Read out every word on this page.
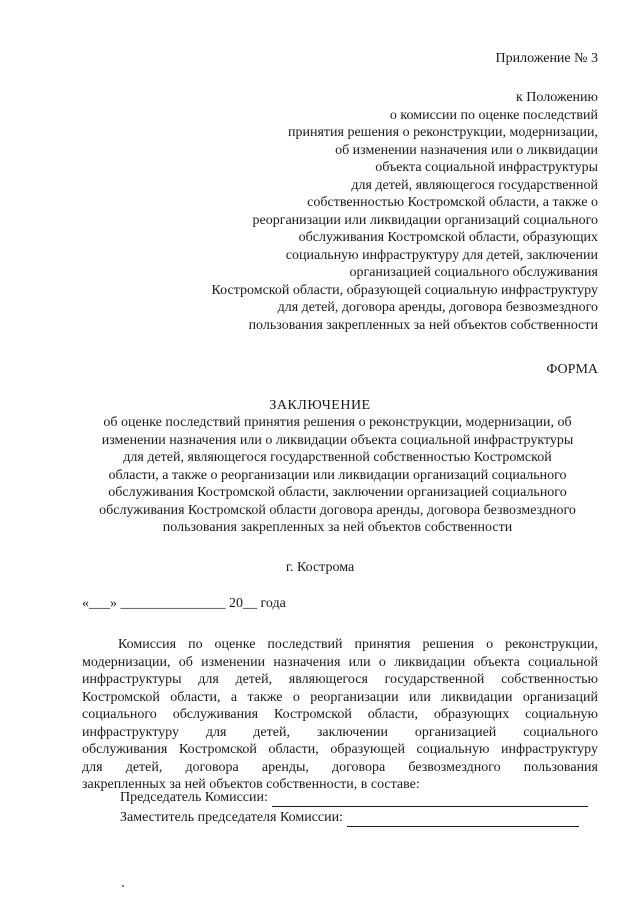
Приложение № 3
к Положению
о комиссии по оценке последствий
принятия решения о реконструкции, модернизации,
об изменении назначения или о ликвидации
объекта социальной инфраструктуры
для детей, являющегося государственной
собственностью Костромской области, а также о
реорганизации или ликвидации организаций социального
обслуживания Костромской области, образующих
социальную инфраструктуру для детей, заключении
организацией социального обслуживания
Костромской области, образующей социальную инфраструктуру
для детей, договора аренды, договора безвозмездного
пользования закрепленных за ней объектов собственности
ФОРМА
ЗАКЛЮЧЕНИЕ
об оценке последствий принятия решения о реконструкции, модернизации, об
изменении назначения или о ликвидации объекта социальной инфраструктуры
для детей, являющегося государственной собственностью Костромской
области, а также о реорганизации или ликвидации организаций социального
обслуживания Костромской области, заключении организацией социального
обслуживания Костромской области договора аренды, договора безвозмездного
пользования закрепленных за ней объектов собственности
г. Кострома
«___» _______________ 20__ года
Комиссия по оценке последствий принятия решения о реконструкции,
модернизации, об изменении назначения или о ликвидации объекта социальной
инфраструктуры для детей, являющегося государственной собственностью
Костромской области, а также о реорганизации или ликвидации организаций
социального обслуживания Костромской области, образующих социальную
инфраструктуру для детей, заключении организацией социального
обслуживания Костромской области, образующей социальную инфраструктуру
для детей, договора аренды, договора безвозмездного пользования
закрепленных за ней объектов собственности, в составе:
Председатель Комиссии:
Заместитель председателя Комиссии:
